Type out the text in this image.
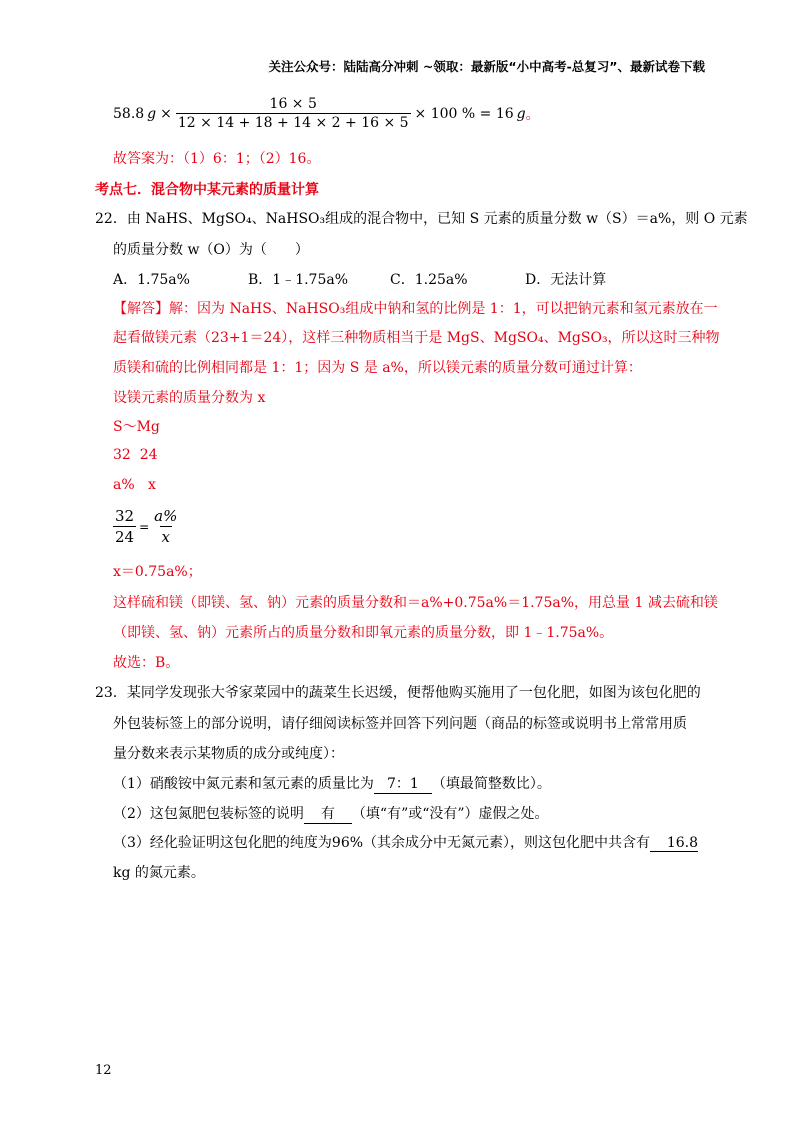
关注公众号：陆陆高分冲刺 ~领取：最新版“小中高考-总复习”、最新试卷下载
58.8 $g \times \frac{16 \times 5}{12 \times 14 + 18 + 14 \times 2 + 16 \times 5} \times 100$ % = 16 g 。
故答案为：（1）6：1；（2）16。
考点七．混合物中某元素的质量计算
22．由 NaHS、MgSO₄、NaHSO₃组成的混合物中，已知 S 元素的质量分数 w（S）＝a%，则 O 元素
的质量分数 w（O）为（　　）
A．1.75a%	B．1﹣1.75a%	C．1.25a%	D．无法计算
【解答】解：因为 NaHS、NaHSO₃组成中钠和氢的比例是 1：1，可以把钠元素和氢元素放在一
起看做镁元素（23+1＝24），这样三种物质相当于是 MgS、MgSO₄、MgSO₃，所以这时三种物
质镁和硫的比例相同都是 1：1；因为 S 是 a%，所以镁元素的质量分数可通过计算：
设镁元素的质量分数为 x
S～Mg
32  24
a%   x
$\frac{32}{24} = \frac{a\%}{x}$
x＝0.75a%；
这样硫和镁（即镁、氢、钠）元素的质量分数和＝a%+0.75a%＝1.75a%，用总量 1 减去硫和镁
（即镁、氢、钠）元素所占的质量分数和即氧元素的质量分数，即 1﹣1.75a%。
故选：B。
23．某同学发现张大爷家菜园中的蔬菜生长迟缓，便帮他购买施用了一包化肥，如图为该包化肥的
外包装标签上的部分说明，请仔细阅读标签并回答下列问题（商品的标签或说明书上常常用质
量分数来表示某物质的成分或纯度）：
（1）硝酸铵中氮元素和氢元素的质量比为 7：1 （填最简整数比）。
（2）这包氮肥包装标签的说明 有 （填“有”或“没有”）虚假之处。
（3）经化验证明这包化肥的纯度为96%（其余成分中无氮元素），则这包化肥中共含有 16.8
kg 的氮元素。
12
